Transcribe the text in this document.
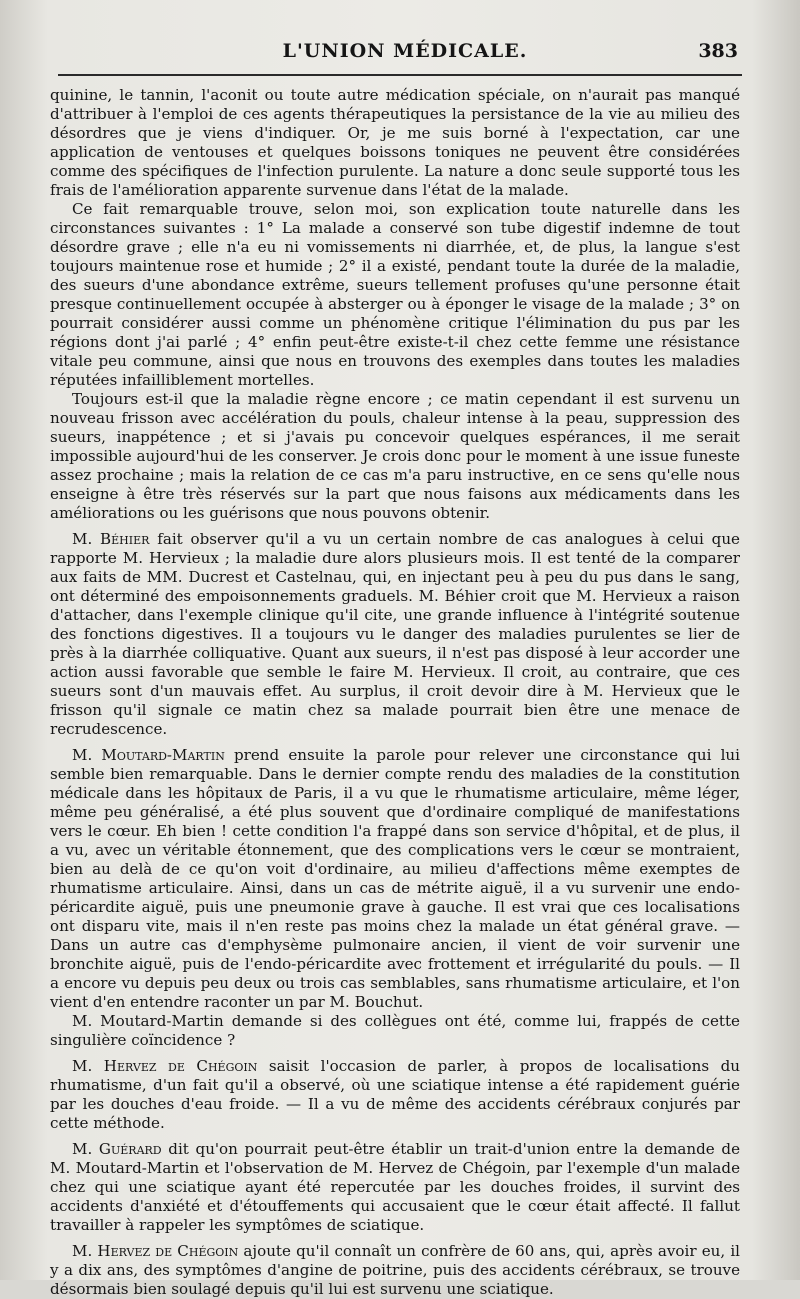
L'UNION MÉDICALE.	383

quinine, le tannin, l'aconit ou toute autre médication spéciale, on n'aurait pas manqué d'attribuer à l'emploi de ces agents thérapeutiques la persistance de la vie au milieu des désordres que je viens d'indiquer. Or, je me suis borné à l'expectation, car une application de ventouses et quelques boissons toniques ne peuvent être considérées comme des spécifiques de l'infection purulente. La nature a donc seule supporté tous les frais de l'amélioration apparente survenue dans l'état de la malade.

Ce fait remarquable trouve, selon moi, son explication toute naturelle dans les circonstances suivantes : 1° La malade a conservé son tube digestif indemne de tout désordre grave ; elle n'a eu ni vomissements ni diarrhée, et, de plus, la langue s'est toujours maintenue rose et humide ; 2° il a existé, pendant toute la durée de la maladie, des sueurs d'une abondance extrême, sueurs tellement profuses qu'une personne était presque continuellement occupée à absterger ou à éponger le visage de la malade ; 3° on pourrait considérer aussi comme un phénomène critique l'élimination du pus par les régions dont j'ai parlé ; 4° enfin peut-être existe-t-il chez cette femme une résistance vitale peu commune, ainsi que nous en trouvons des exemples dans toutes les maladies réputées infailliblement mortelles.

Toujours est-il que la maladie règne encore ; ce matin cependant il est survenu un nouveau frisson avec accélération du pouls, chaleur intense à la peau, suppression des sueurs, inappétence ; et si j'avais pu concevoir quelques espérances, il me serait impossible aujourd'hui de les conserver. Je crois donc pour le moment à une issue funeste assez prochaine ; mais la relation de ce cas m'a paru instructive, en ce sens qu'elle nous enseigne à être très réservés sur la part que nous faisons aux médicaments dans les améliorations ou les guérisons que nous pouvons obtenir.

M. Béhier fait observer qu'il a vu un certain nombre de cas analogues à celui que rapporte M. Hervieux ; la maladie dure alors plusieurs mois. Il est tenté de la comparer aux faits de MM. Ducrest et Castelnau, qui, en injectant peu à peu du pus dans le sang, ont déterminé des empoisonnements graduels. M. Béhier croit que M. Hervieux a raison d'attacher, dans l'exemple clinique qu'il cite, une grande influence à l'intégrité soutenue des fonctions digestives. Il a toujours vu le danger des maladies purulentes se lier de près à la diarrhée colliquative. Quant aux sueurs, il n'est pas disposé à leur accorder une action aussi favorable que semble le faire M. Hervieux. Il croit, au contraire, que ces sueurs sont d'un mauvais effet. Au surplus, il croit devoir dire à M. Hervieux que le frisson qu'il signale ce matin chez sa malade pourrait bien être une menace de recrudescence.

M. Moutard-Martin prend ensuite la parole pour relever une circonstance qui lui semble bien remarquable. Dans le dernier compte rendu des maladies de la constitution médicale dans les hôpitaux de Paris, il a vu que le rhumatisme articulaire, même léger, même peu généralisé, a été plus souvent que d'ordinaire compliqué de manifestations vers le cœur. Eh bien ! cette condition l'a frappé dans son service d'hôpital, et de plus, il a vu, avec un véritable étonnement, que des complications vers le cœur se montraient, bien au delà de ce qu'on voit d'ordinaire, au milieu d'affections même exemptes de rhumatisme articulaire. Ainsi, dans un cas de métrite aiguë, il a vu survenir une endo-péricardite aiguë, puis une pneumonie grave à gauche. Il est vrai que ces localisations ont disparu vite, mais il n'en reste pas moins chez la malade un état général grave. — Dans un autre cas d'emphysème pulmonaire ancien, il vient de voir survenir une bronchite aiguë, puis de l'endo-péricardite avec frottement et irrégularité du pouls. — Il a encore vu depuis peu deux ou trois cas semblables, sans rhumatisme articulaire, et l'on vient d'en entendre raconter un par M. Bouchut.

M. Moutard-Martin demande si des collègues ont été, comme lui, frappés de cette singulière coïncidence ?

M. Hervez de Chégoin saisit l'occasion de parler, à propos de localisations du rhumatisme, d'un fait qu'il a observé, où une sciatique intense a été rapidement guérie par les douches d'eau froide. — Il a vu de même des accidents cérébraux conjurés par cette méthode.

M. Guérard dit qu'on pourrait peut-être établir un trait-d'union entre la demande de M. Moutard-Martin et l'observation de M. Hervez de Chégoin, par l'exemple d'un malade chez qui une sciatique ayant été repercutée par les douches froides, il survint des accidents d'anxiété et d'étouffements qui accusaient que le cœur était affecté. Il fallut travailler à rappeler les symptômes de sciatique.

M. Hervez de Chégoin ajoute qu'il connaît un confrère de 60 ans, qui, après avoir eu, il y a dix ans, des symptômes d'angine de poitrine, puis des accidents cérébraux, se trouve désormais bien soulagé depuis qu'il lui est survenu une sciatique.
